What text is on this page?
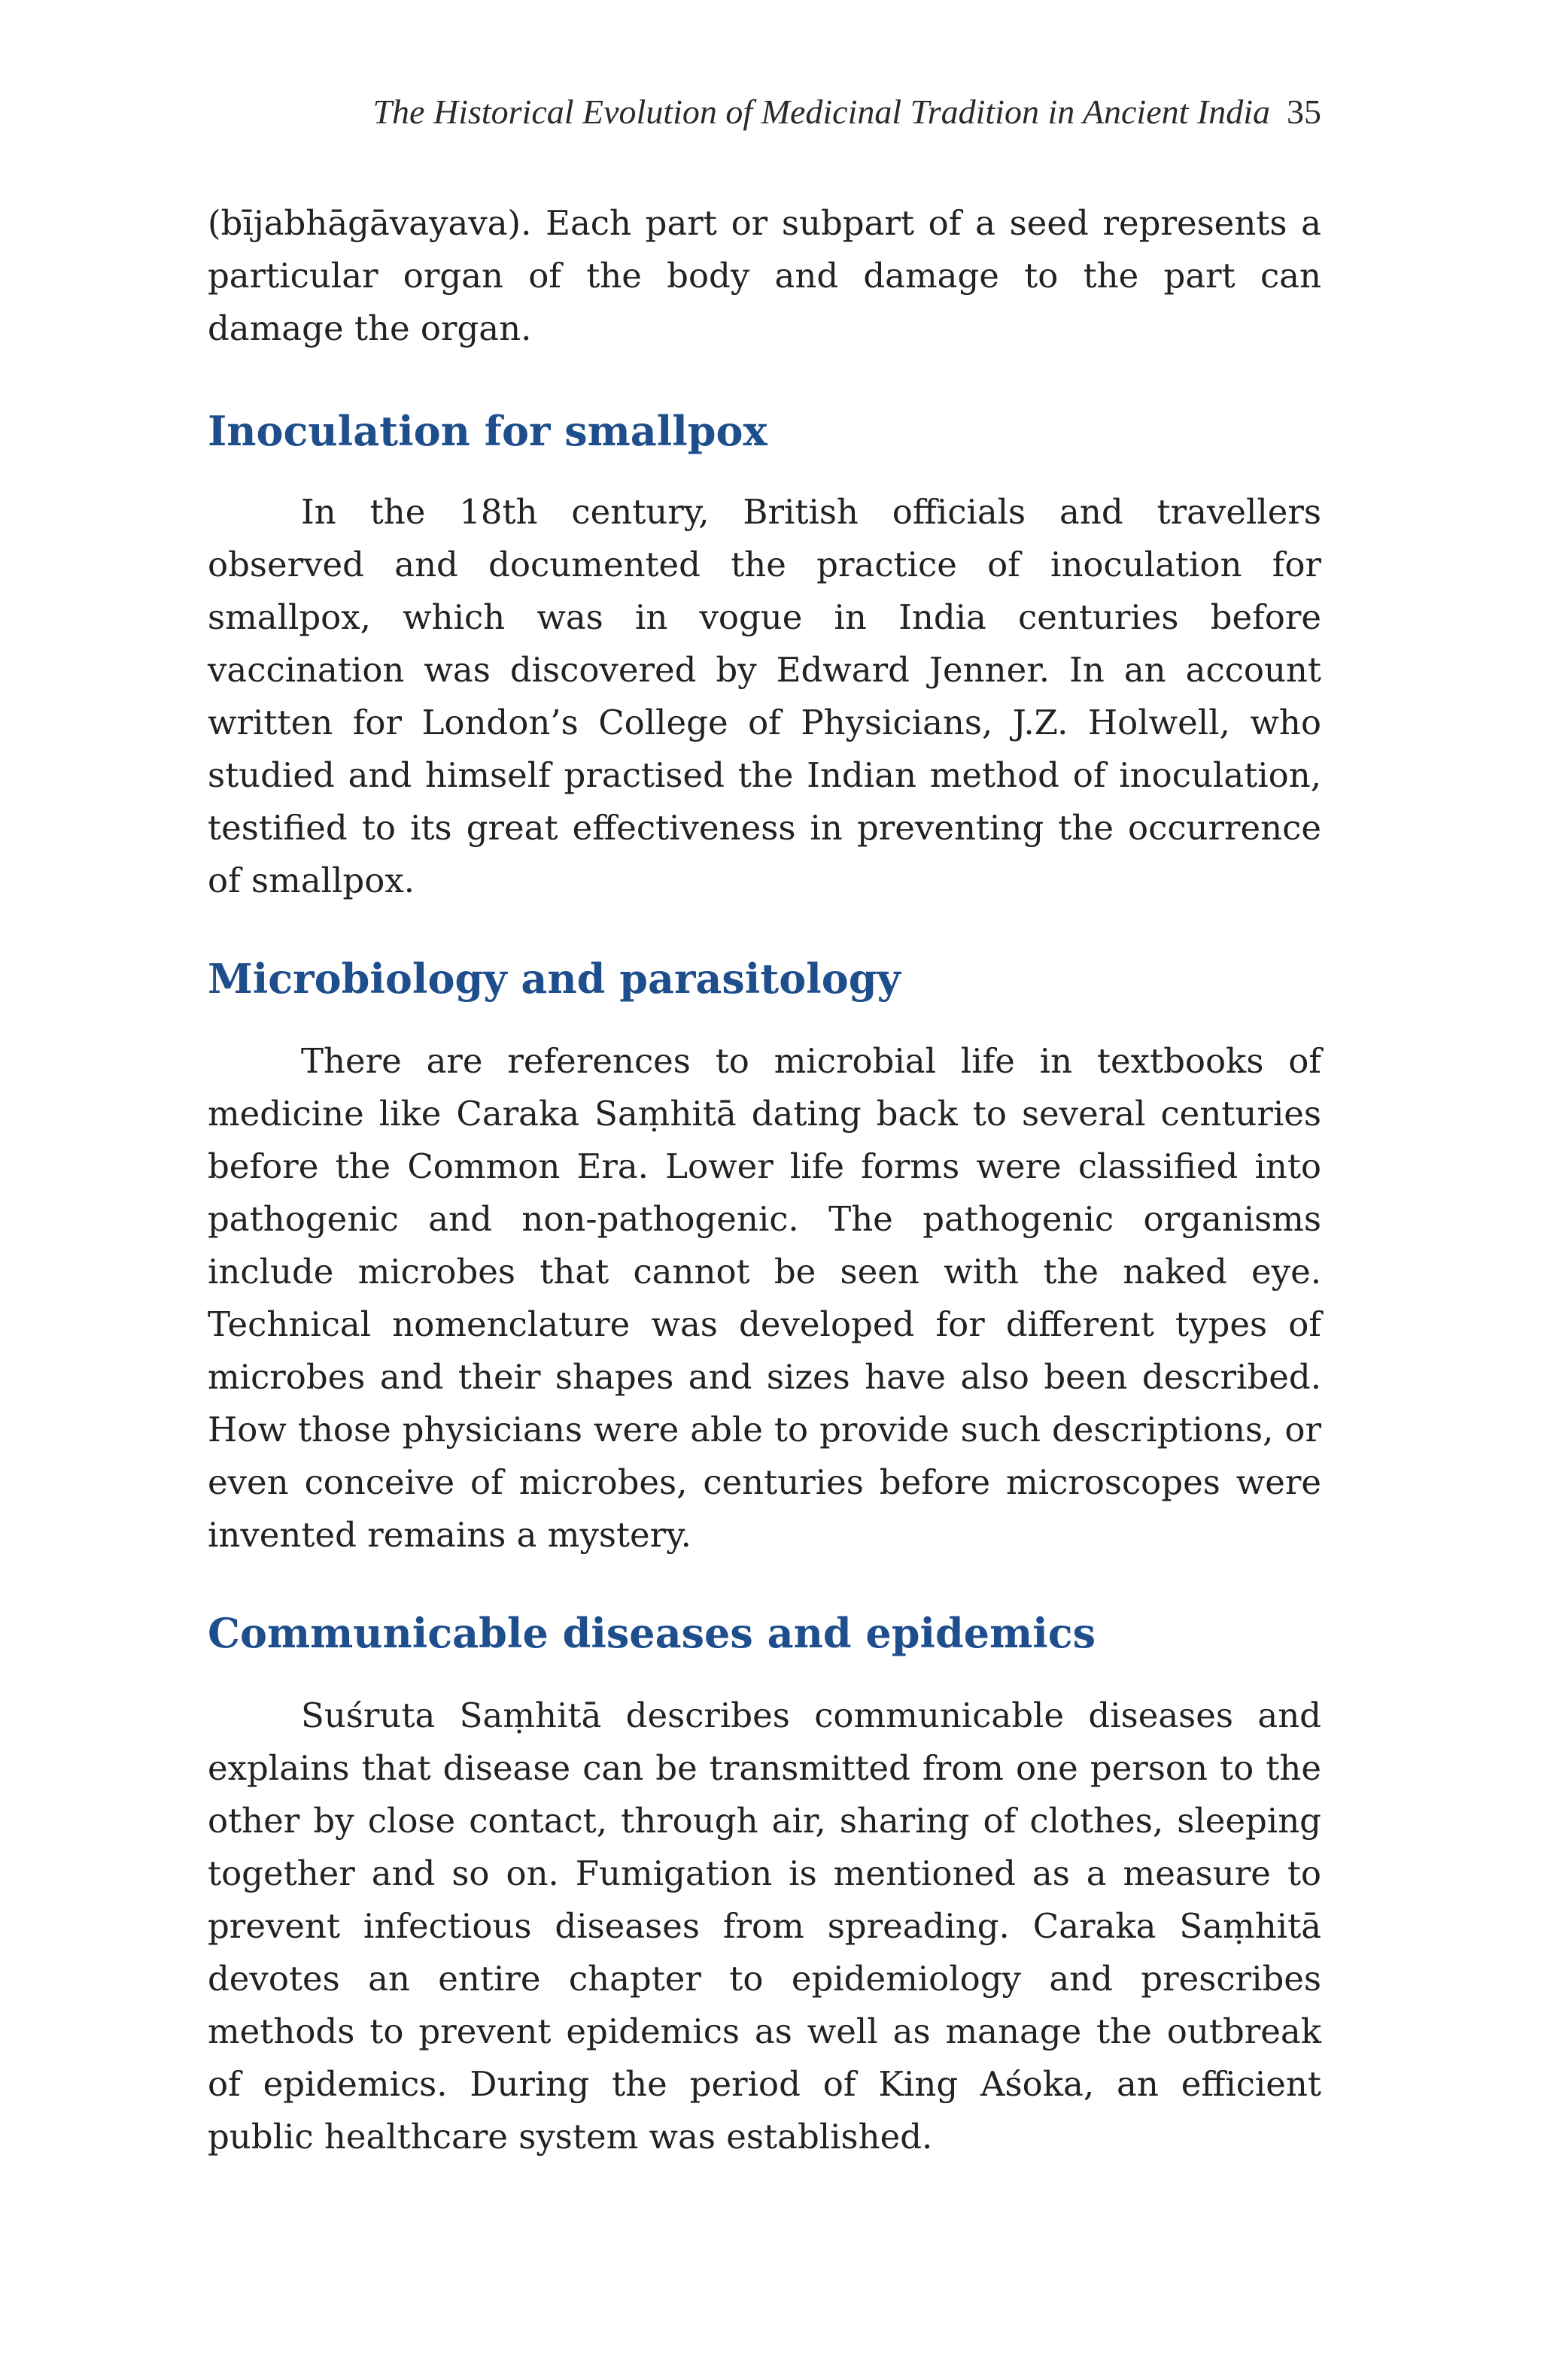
The Historical Evolution of Medicinal Tradition in Ancient India 35

(bījabhāgāvayava). Each part or subpart of a seed represents a particular organ of the body and damage to the part can damage the organ.

Inoculation for smallpox

In the 18th century, British officials and travellers observed and documented the practice of inoculation for smallpox, which was in vogue in India centuries before vaccination was discovered by Edward Jenner. In an account written for London’s College of Physicians, J.Z. Holwell, who studied and himself practised the Indian method of inoculation, testified to its great effectiveness in preventing the occurrence of smallpox.

Microbiology and parasitology

There are references to microbial life in textbooks of medicine like Caraka Saṃhitā dating back to several centuries before the Common Era. Lower life forms were classified into pathogenic and non-pathogenic. The pathogenic organisms include microbes that cannot be seen with the naked eye. Technical nomenclature was developed for different types of microbes and their shapes and sizes have also been described. How those physicians were able to provide such descriptions, or even conceive of microbes, centuries before microscopes were invented remains a mystery.

Communicable diseases and epidemics

Suśruta Saṃhitā describes communicable diseases and explains that disease can be transmitted from one person to the other by close contact, through air, sharing of clothes, sleeping together and so on. Fumigation is mentioned as a measure to prevent infectious diseases from spreading. Caraka Saṃhitā devotes an entire chapter to epidemiology and prescribes methods to prevent epidemics as well as manage the outbreak of epidemics. During the period of King Aśoka, an efficient public healthcare system was established.
